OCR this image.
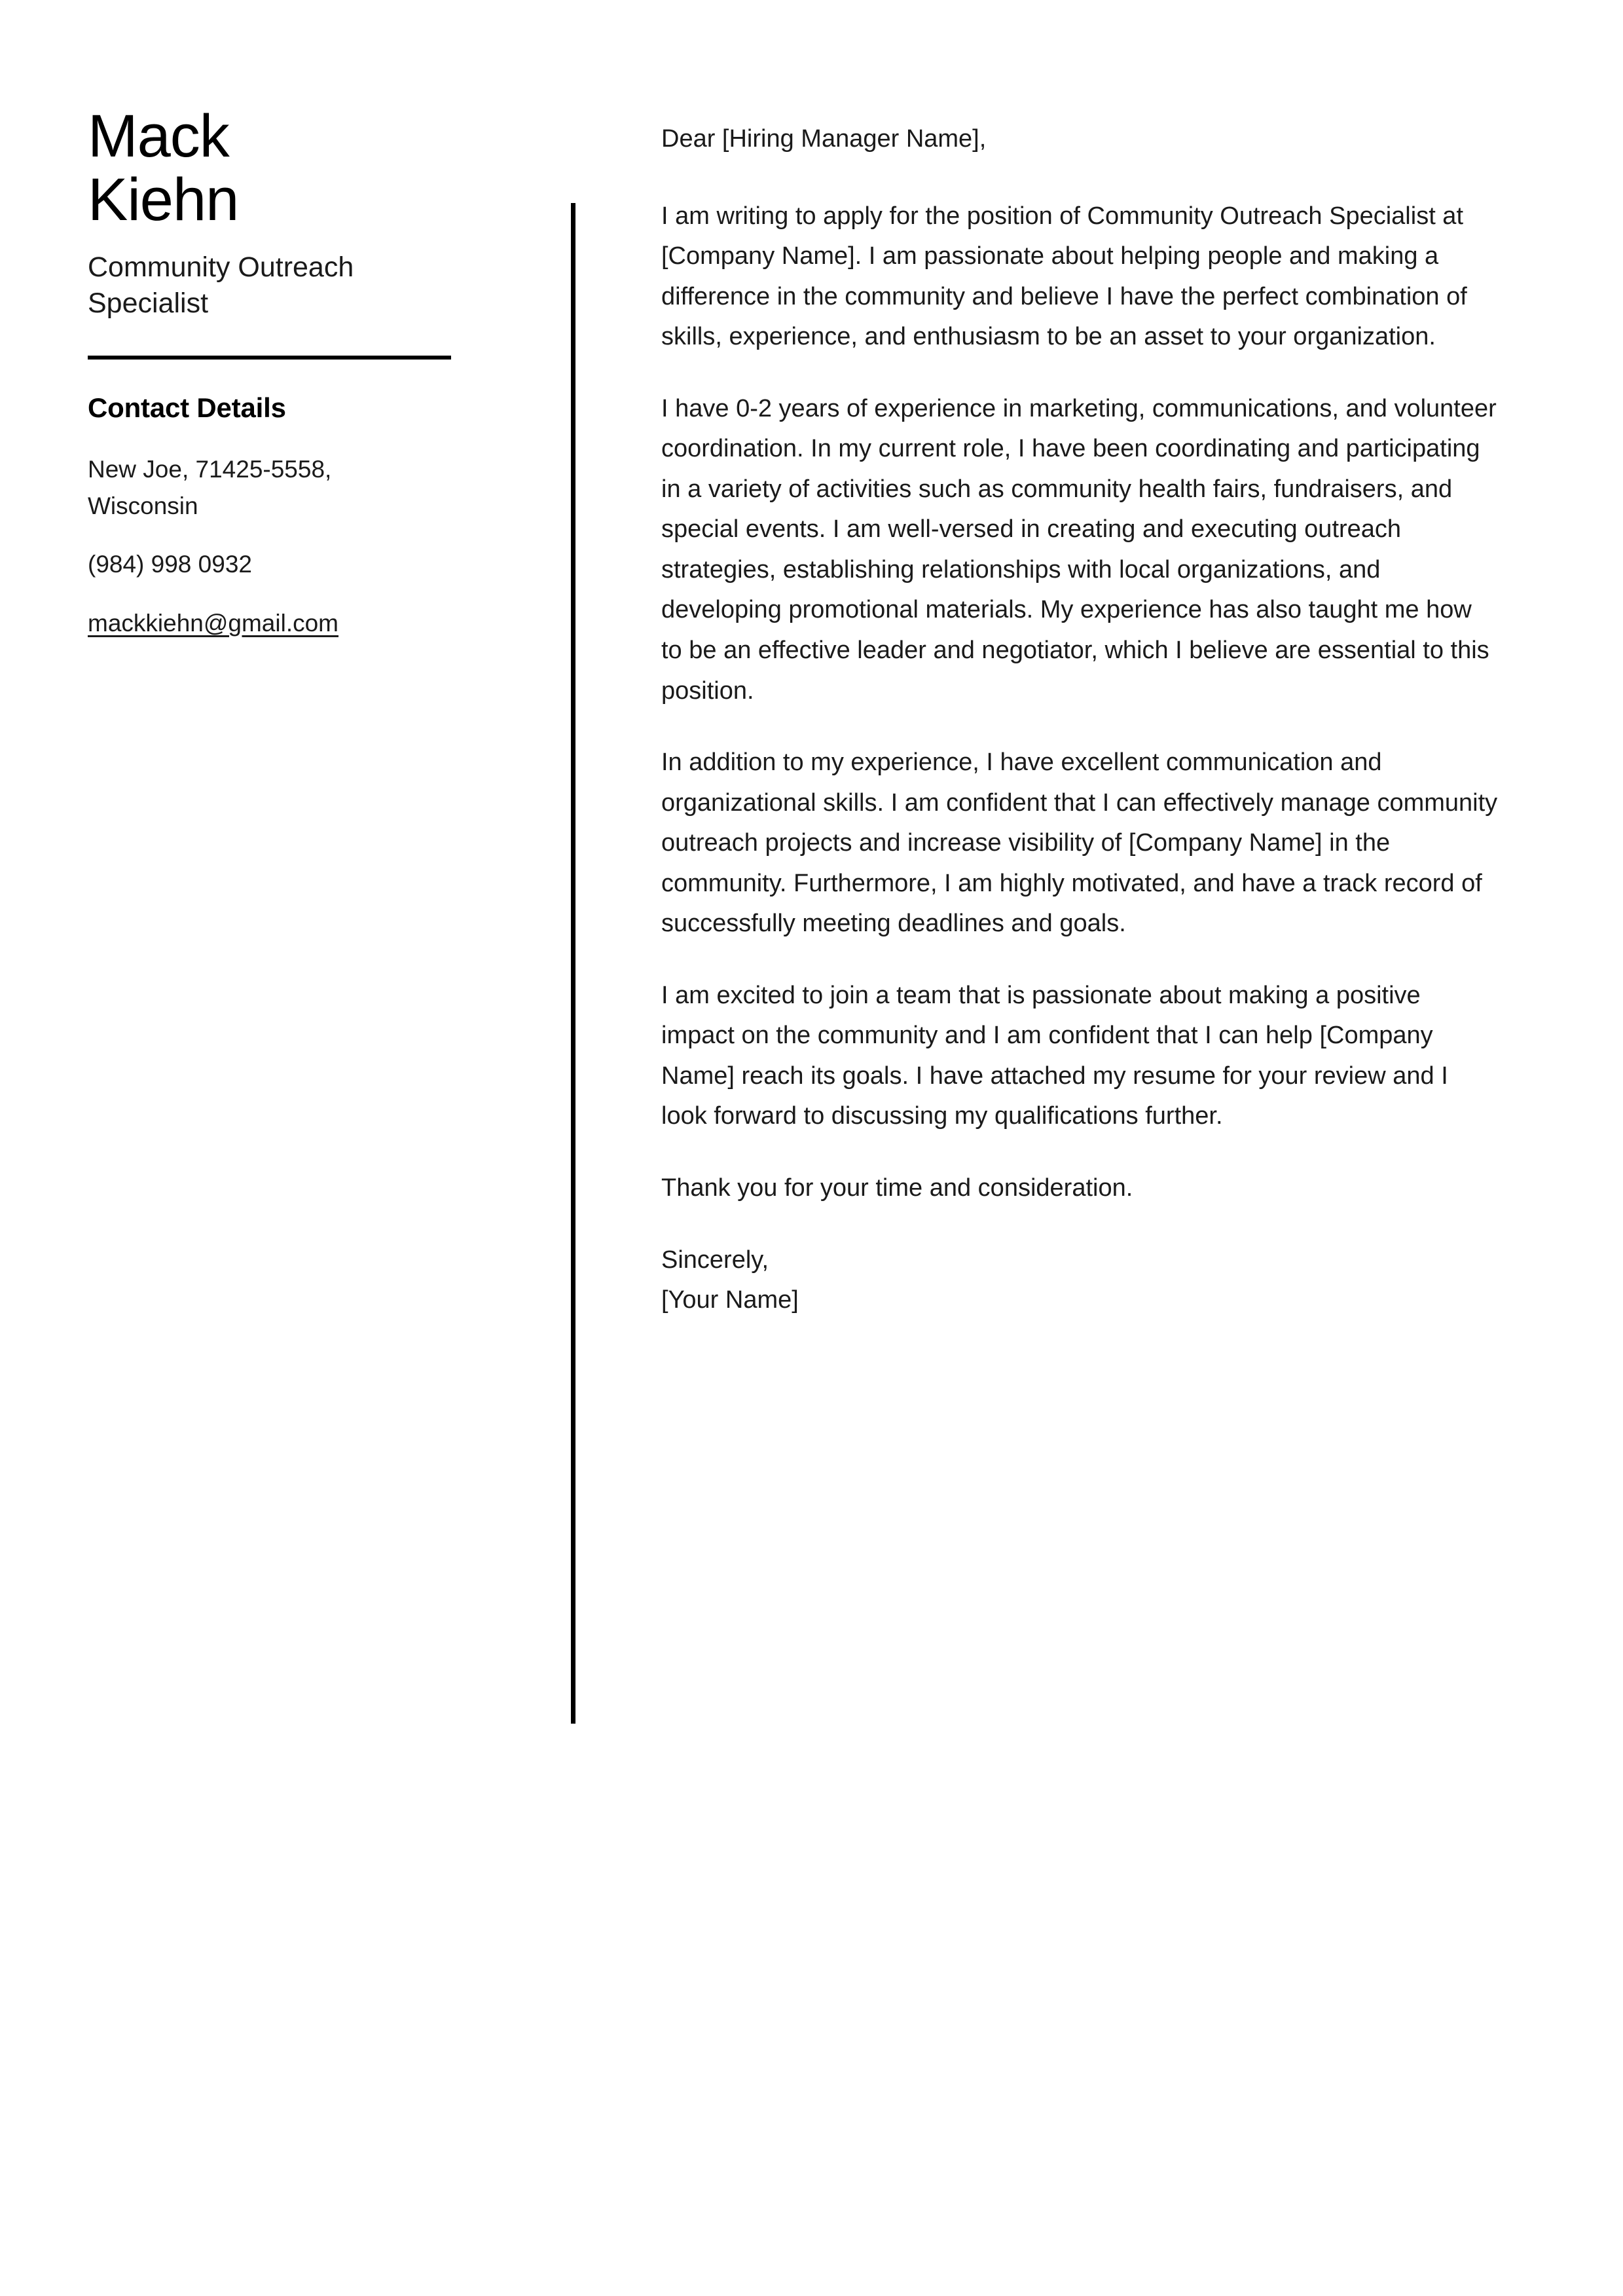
Mack
Kiehn
Community Outreach Specialist
Contact Details
New Joe, 71425-5558, Wisconsin
(984) 998 0932
mackkiehn@gmail.com

Dear [Hiring Manager Name],

I am writing to apply for the position of Community Outreach Specialist at [Company Name]. I am passionate about helping people and making a difference in the community and believe I have the perfect combination of skills, experience, and enthusiasm to be an asset to your organization.

I have 0-2 years of experience in marketing, communications, and volunteer coordination. In my current role, I have been coordinating and participating in a variety of activities such as community health fairs, fundraisers, and special events. I am well-versed in creating and executing outreach strategies, establishing relationships with local organizations, and developing promotional materials. My experience has also taught me how to be an effective leader and negotiator, which I believe are essential to this position.

In addition to my experience, I have excellent communication and organizational skills. I am confident that I can effectively manage community outreach projects and increase visibility of [Company Name] in the community. Furthermore, I am highly motivated, and have a track record of successfully meeting deadlines and goals.

I am excited to join a team that is passionate about making a positive impact on the community and I am confident that I can help [Company Name] reach its goals. I have attached my resume for your review and I look forward to discussing my qualifications further.

Thank you for your time and consideration.

Sincerely,
[Your Name]
